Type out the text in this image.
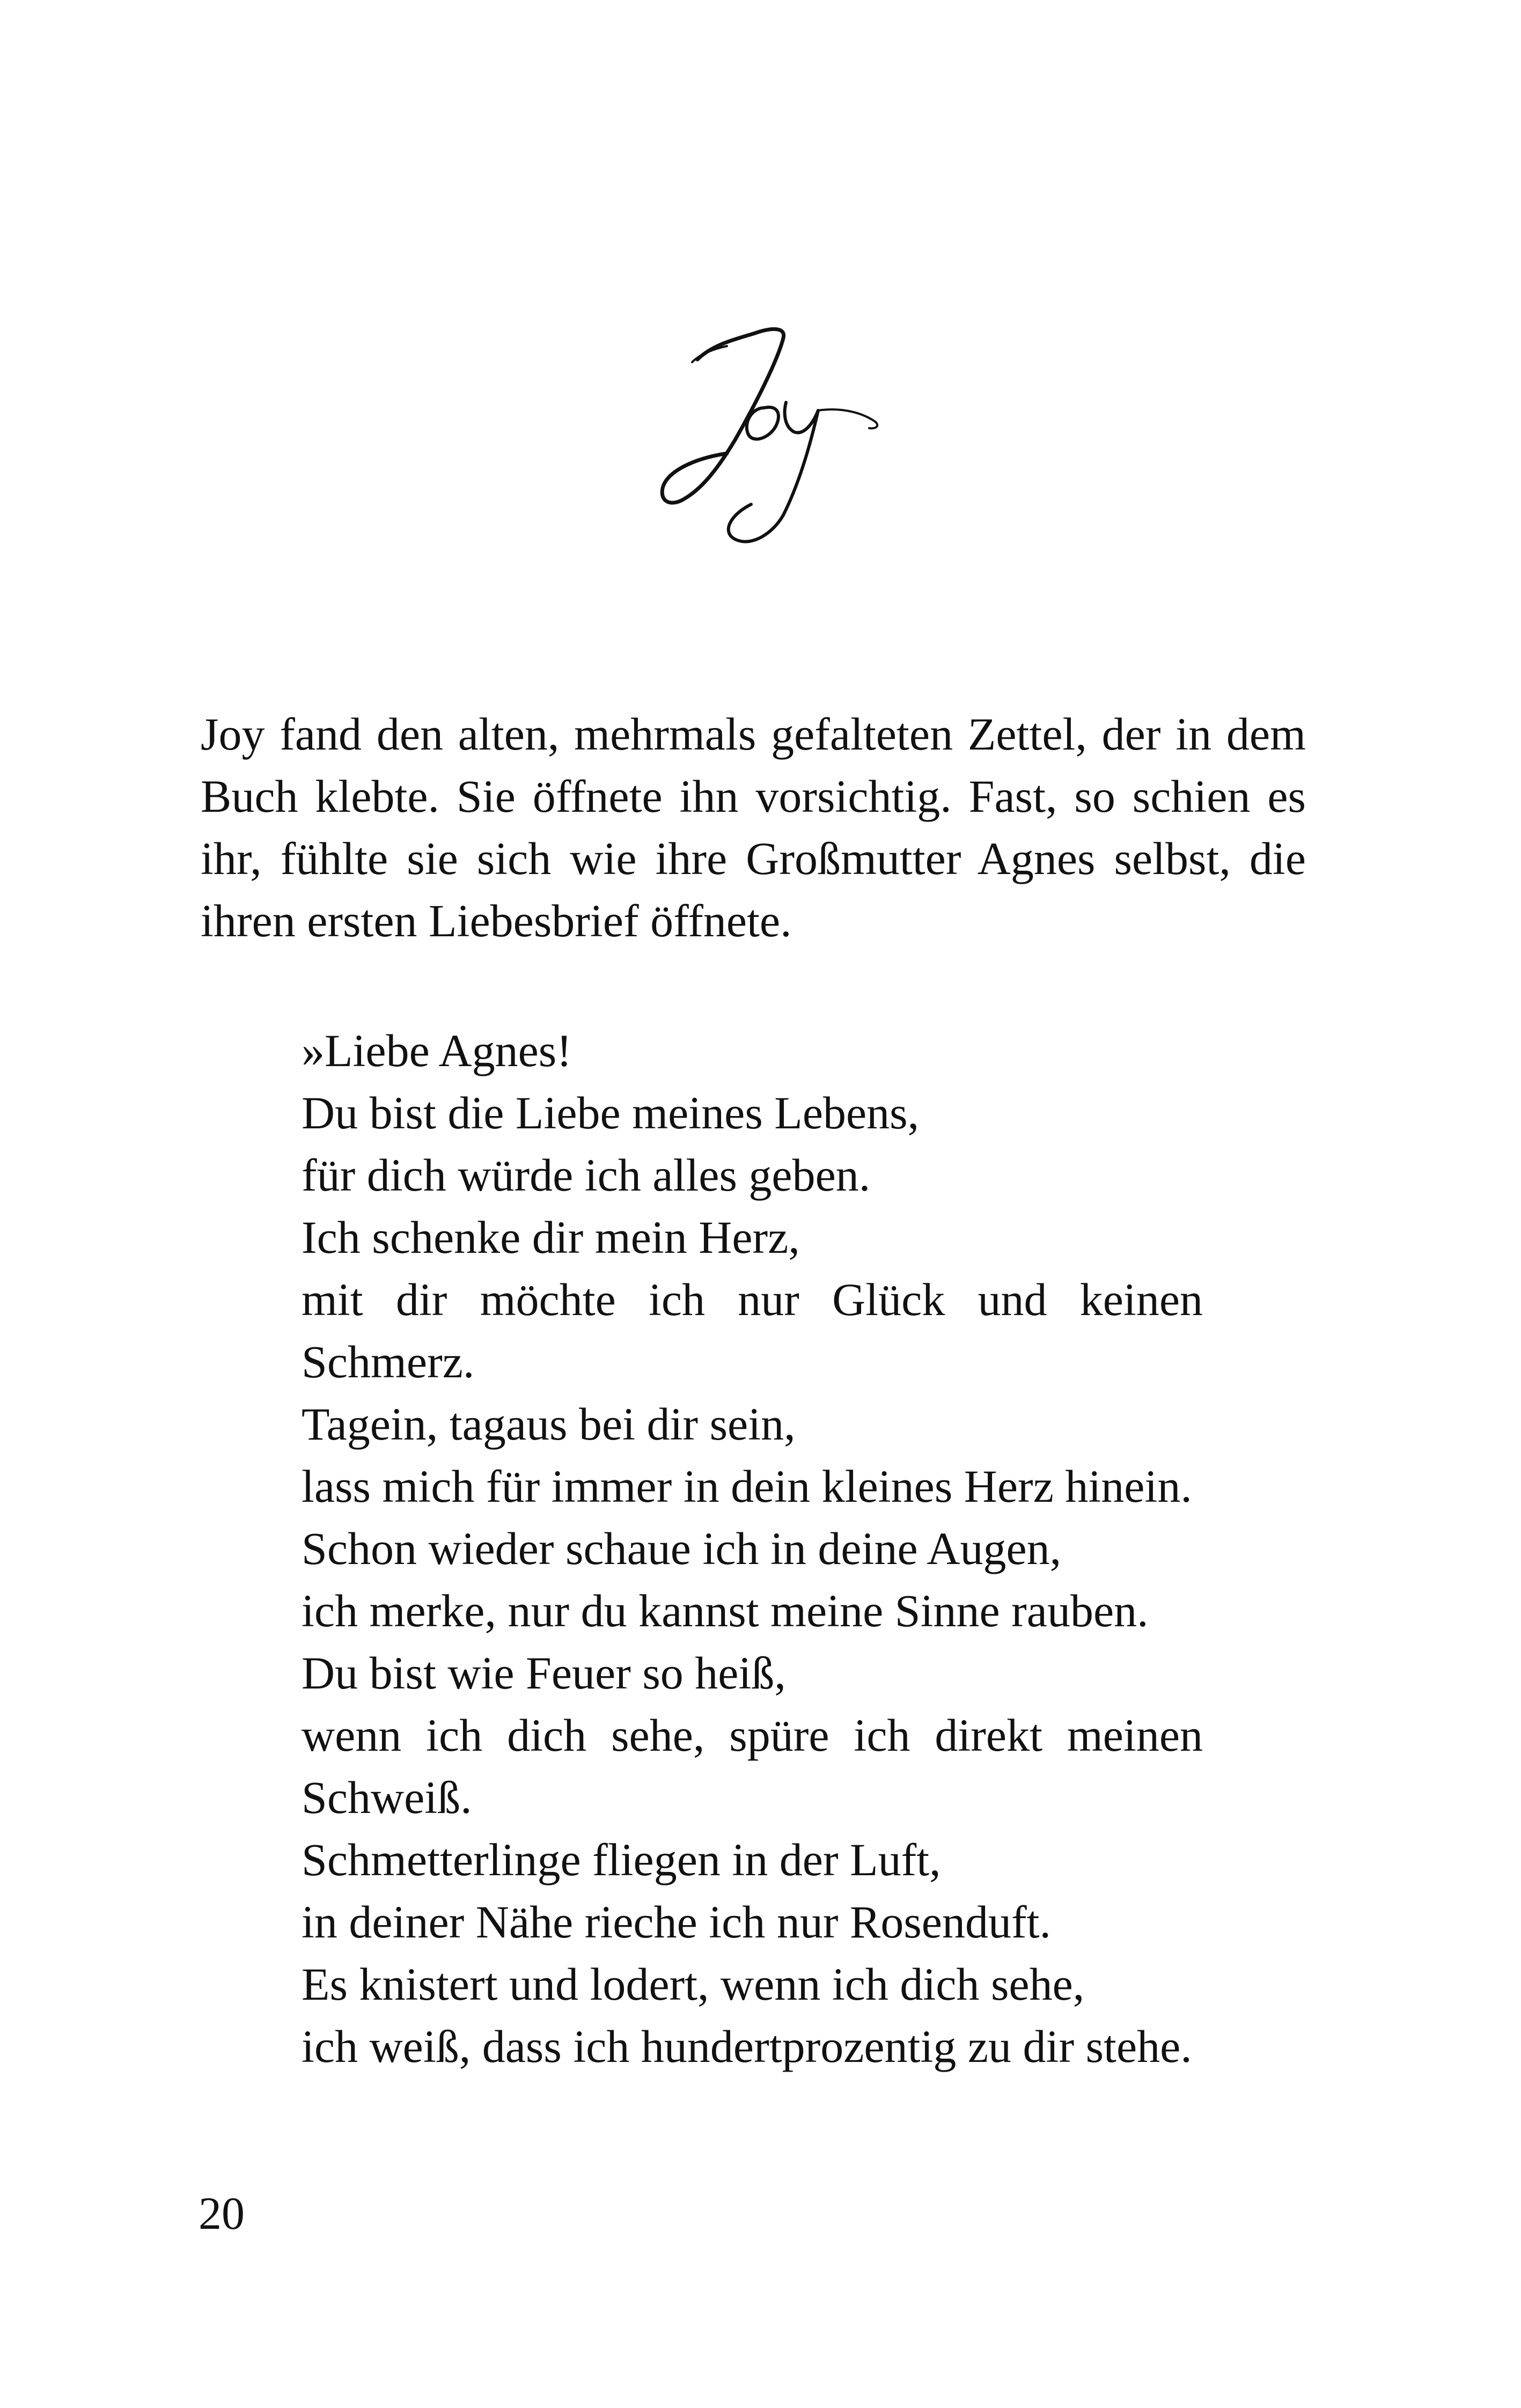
Joy fand den alten, mehrmals gefalteten Zettel, der in dem Buch klebte. Sie öffnete ihn vorsichtig. Fast, so schien es ihr, fühlte sie sich wie ihre Großmutter Agnes selbst, die ihren ersten Liebesbrief öffnete.

»Liebe Agnes!
Du bist die Liebe meines Lebens,
für dich würde ich alles geben.
Ich schenke dir mein Herz,
mit dir möchte ich nur Glück und keinen
Schmerz.
Tagein, tagaus bei dir sein,
lass mich für immer in dein kleines Herz hinein.
Schon wieder schaue ich in deine Augen,
ich merke, nur du kannst meine Sinne rauben.
Du bist wie Feuer so heiß,
wenn ich dich sehe, spüre ich direkt meinen
Schweiß.
Schmetterlinge fliegen in der Luft,
in deiner Nähe rieche ich nur Rosenduft.
Es knistert und lodert, wenn ich dich sehe,
ich weiß, dass ich hundertprozentig zu dir stehe.
20
